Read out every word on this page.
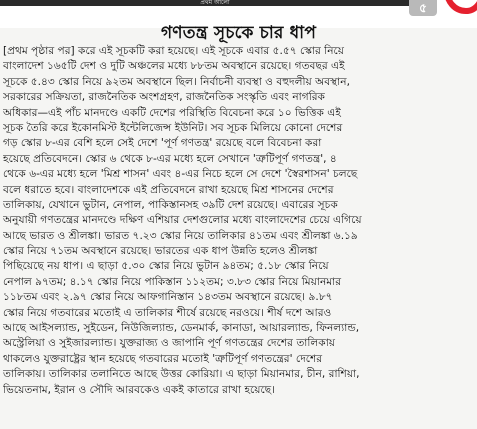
প্রথম আলো	৫
গণতন্ত্র সূচকে চার ধাপ
[প্রথম পৃষ্ঠার পর] করে এই সূচকটি করা হয়েছে। এই সূচকে এবার ৫.৫৭ স্কোর নিয়ে
বাংলাদেশ ১৬৫টি দেশ ও দুটি অঞ্চলের মধ্যে ৮৮তম অবস্থানে রয়েছে। গতবছর এই
সূচকে ৫.৪৩ স্কোর নিয়ে ৯২তম অবস্থানে ছিল। নির্বাচনী ব্যবস্থা ও বহুদলীয় অবস্থান,
সরকারের সক্রিয়তা, রাজনৈতিক অংশগ্রহণ, রাজনৈতিক সংস্কৃতি এবং নাগরিক
অধিকার—এই পাঁচ মানদণ্ডে একটি দেশের পরিস্থিতি বিবেচনা করে ১০ ভিত্তিক এই
সূচক তৈরি করে ইকোনমিস্ট ইন্টেলিজেন্স ইউনিট। সব সূচক মিলিয়ে কোনো দেশের
গড় স্কোর ৮-এর বেশি হলে সেই দেশে 'পূর্ণ গণতন্ত্র' রয়েছে বলে বিবেচনা করা
হয়েছে প্রতিবেদনে। স্কোর ৬ থেকে ৮-এর মধ্যে হলে সেখানে 'ত্রুটিপূর্ণ গণতন্ত্র', ৪
থেকে ৬-এর মধ্যে হলে 'মিশ্র শাসন' এবং ৪-এর নিচে হলে সে দেশে 'স্বৈরশাসন' চলছে
বলে ধরাতে হবে। বাংলাদেশকে এই প্রতিবেদনে রাখা হয়েছে মিশ্র শাসনের দেশের
তালিকায়, যেখানে ভুটান, নেপাল, পাকিস্তানসহ ৩৯টি দেশ রয়েছে। এবারের সূচক
অনুযায়ী গণতন্ত্রের মানদণ্ডে দক্ষিণ এশিয়ার দেশগুলোর মধ্যে বাংলাদেশের চেয়ে এগিয়ে
আছে ভারত ও শ্রীলঙ্কা। ভারত ৭.২৩ স্কোর নিয়ে তালিকার ৪১তম এবং শ্রীলঙ্কা ৬.১৯
স্কোর নিয়ে ৭১তম অবস্থানে রয়েছে। ভারতের এক ধাপ উন্নতি হলেও শ্রীলঙ্কা
পিছিয়েছে নয় ধাপ। এ ছাড়া ৫.৩০ স্কোর নিয়ে ভুটান ৯৪তম; ৫.১৮ স্কোর নিয়ে
নেপাল ৯৭তম; ৪.১৭ স্কোর নিয়ে পাকিস্তান ১১২তম; ৩.৮৩ স্কোর নিয়ে মিয়ানমার
১১৮তম এবং ২.৯৭ স্কোর নিয়ে আফগানিস্তান ১৪৩তম অবস্থানে রয়েছে। ৯.৮৭
স্কোর নিয়ে গতবারের মতোই এ তালিকার শীর্ষে রয়েছে নরওয়ে। শীর্ষ দশে আরও
আছে আইসল্যান্ড, সুইডেন, নিউজিল্যান্ড, ডেনমার্ক, কানাডা, আয়ারল্যান্ড, ফিনল্যান্ড,
অস্ট্রেলিয়া ও সুইজারল্যান্ড। যুক্তরাজ্য ও জাপানি পূর্ণ গণতন্ত্রের দেশের তালিকায়
থাকলেও যুক্তরাষ্ট্রের স্থান হয়েছে গতবারের মতোই 'ত্রুটিপূর্ণ গণতন্ত্রের' দেশের
তালিকায়। তালিকার তলানিতে আছে উত্তর কোরিয়া। এ ছাড়া মিয়ানমার, চীন, রাশিয়া,
ভিয়েতনাম, ইরান ও সৌদি আরবকেও একই কাতারে রাখা হয়েছে।
